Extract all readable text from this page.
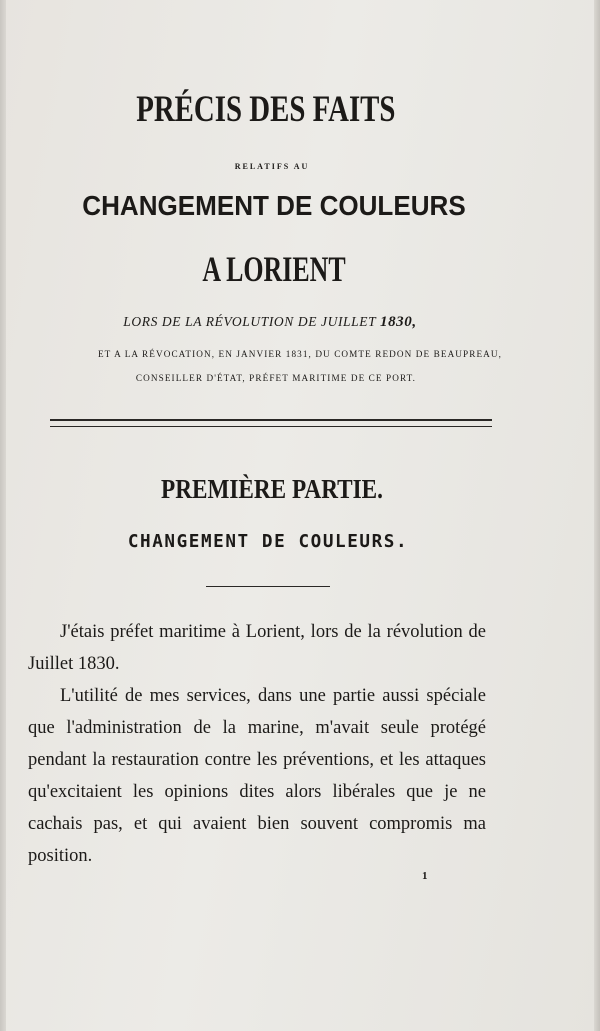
PRÉCIS DES FAITS
RELATIFS AU
CHANGEMENT DE COULEURS
A LORIENT
LORS DE LA RÉVOLUTION DE JUILLET 1830,
ET A LA RÉVOCATION, EN JANVIER 1831, DU COMTE REDON DE BEAUPREAU,
CONSEILLER D'ÉTAT, PRÉFET MARITIME DE CE PORT.
PREMIÈRE PARTIE.
CHANGEMENT DE COULEURS.

J'étais préfet maritime à Lorient, lors de la révolution de Juillet 1830.

L'utilité de mes services, dans une partie aussi spéciale que l'administration de la marine, m'avait seule protégé pendant la restauration contre les préventions, et les attaques qu'excitaient les opinions dites alors libérales que je ne cachais pas, et qui avaient bien souvent compromis ma position.

1
